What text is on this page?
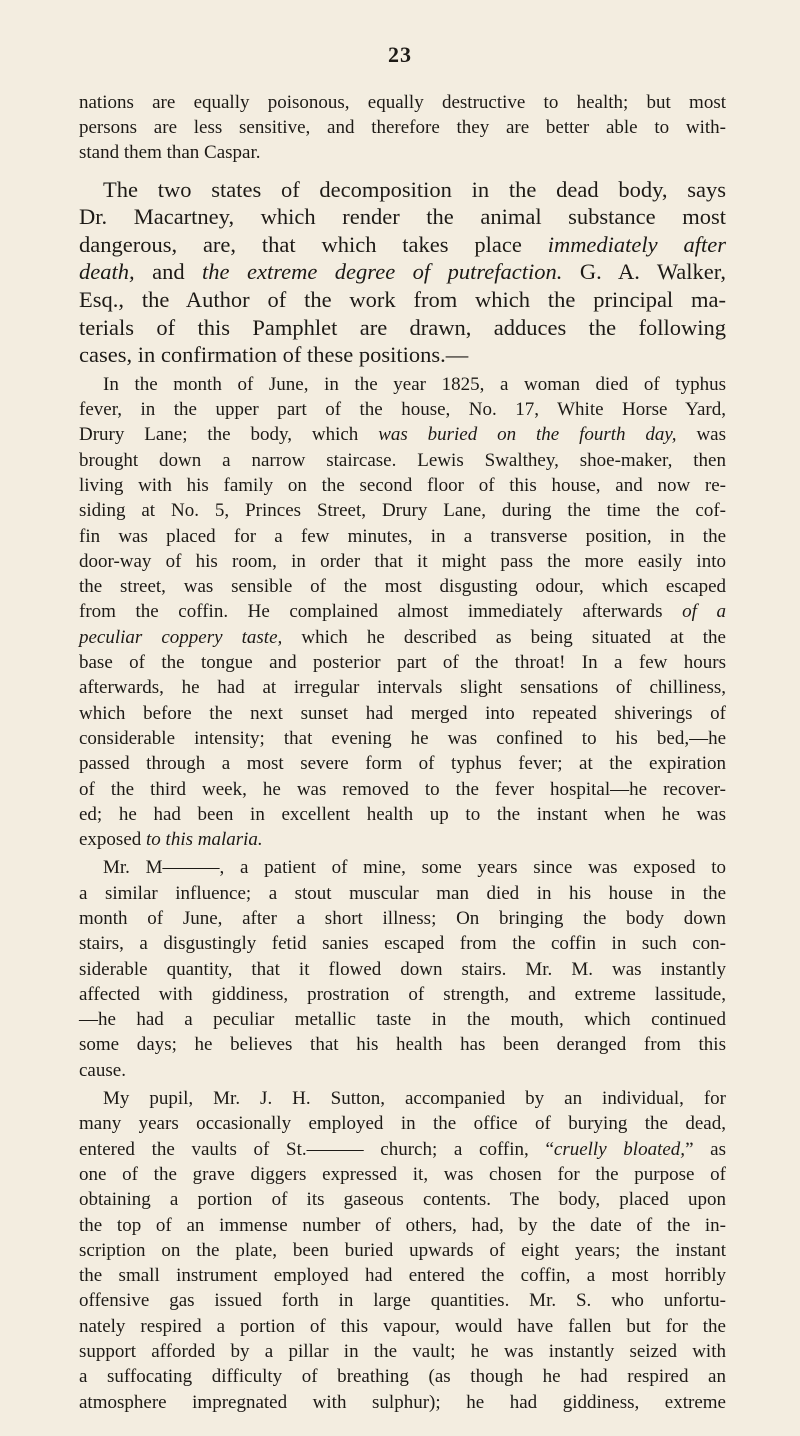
23
nations are equally poisonous, equally destructive to health; but most
persons are less sensitive, and therefore they are better able to with-
stand them than Caspar.
The two states of decomposition in the dead body, says
Dr. Macartney, which render the animal substance most
dangerous, are, that which takes place immediately after
death, and the extreme degree of putrefaction. G. A. Walker,
Esq., the Author of the work from which the principal ma-
terials of this Pamphlet are drawn, adduces the following
cases, in confirmation of these positions.—
In the month of June, in the year 1825, a woman died of typhus
fever, in the upper part of the house, No. 17, White Horse Yard,
Drury Lane; the body, which was buried on the fourth day, was
brought down a narrow staircase. Lewis Swalthey, shoe-maker, then
living with his family on the second floor of this house, and now re-
siding at No. 5, Princes Street, Drury Lane, during the time the cof-
fin was placed for a few minutes, in a transverse position, in the
door-way of his room, in order that it might pass the more easily into
the street, was sensible of the most disgusting odour, which escaped
from the coffin. He complained almost immediately afterwards of a
peculiar coppery taste, which he described as being situated at the
base of the tongue and posterior part of the throat! In a few hours
afterwards, he had at irregular intervals slight sensations of chilliness,
which before the next sunset had merged into repeated shiverings of
considerable intensity; that evening he was confined to his bed,—he
passed through a most severe form of typhus fever; at the expiration
of the third week, he was removed to the fever hospital—he recover-
ed; he had been in excellent health up to the instant when he was
exposed to this malaria.
Mr. M———, a patient of mine, some years since was exposed to
a similar influence; a stout muscular man died in his house in the
month of June, after a short illness; On bringing the body down
stairs, a disgustingly fetid sanies escaped from the coffin in such con-
siderable quantity, that it flowed down stairs. Mr. M. was instantly
affected with giddiness, prostration of strength, and extreme lassitude,
—he had a peculiar metallic taste in the mouth, which continued
some days; he believes that his health has been deranged from this
cause.
My pupil, Mr. J. H. Sutton, accompanied by an individual, for
many years occasionally employed in the office of burying the dead,
entered the vaults of St.——— church; a coffin, “cruelly bloated,” as
one of the grave diggers expressed it, was chosen for the purpose of
obtaining a portion of its gaseous contents. The body, placed upon
the top of an immense number of others, had, by the date of the in-
scription on the plate, been buried upwards of eight years; the instant
the small instrument employed had entered the coffin, a most horribly
offensive gas issued forth in large quantities. Mr. S. who unfortu-
nately respired a portion of this vapour, would have fallen but for the
support afforded by a pillar in the vault; he was instantly seized with
a suffocating difficulty of breathing (as though he had respired an
atmosphere impregnated with sulphur); he had giddiness, extreme
